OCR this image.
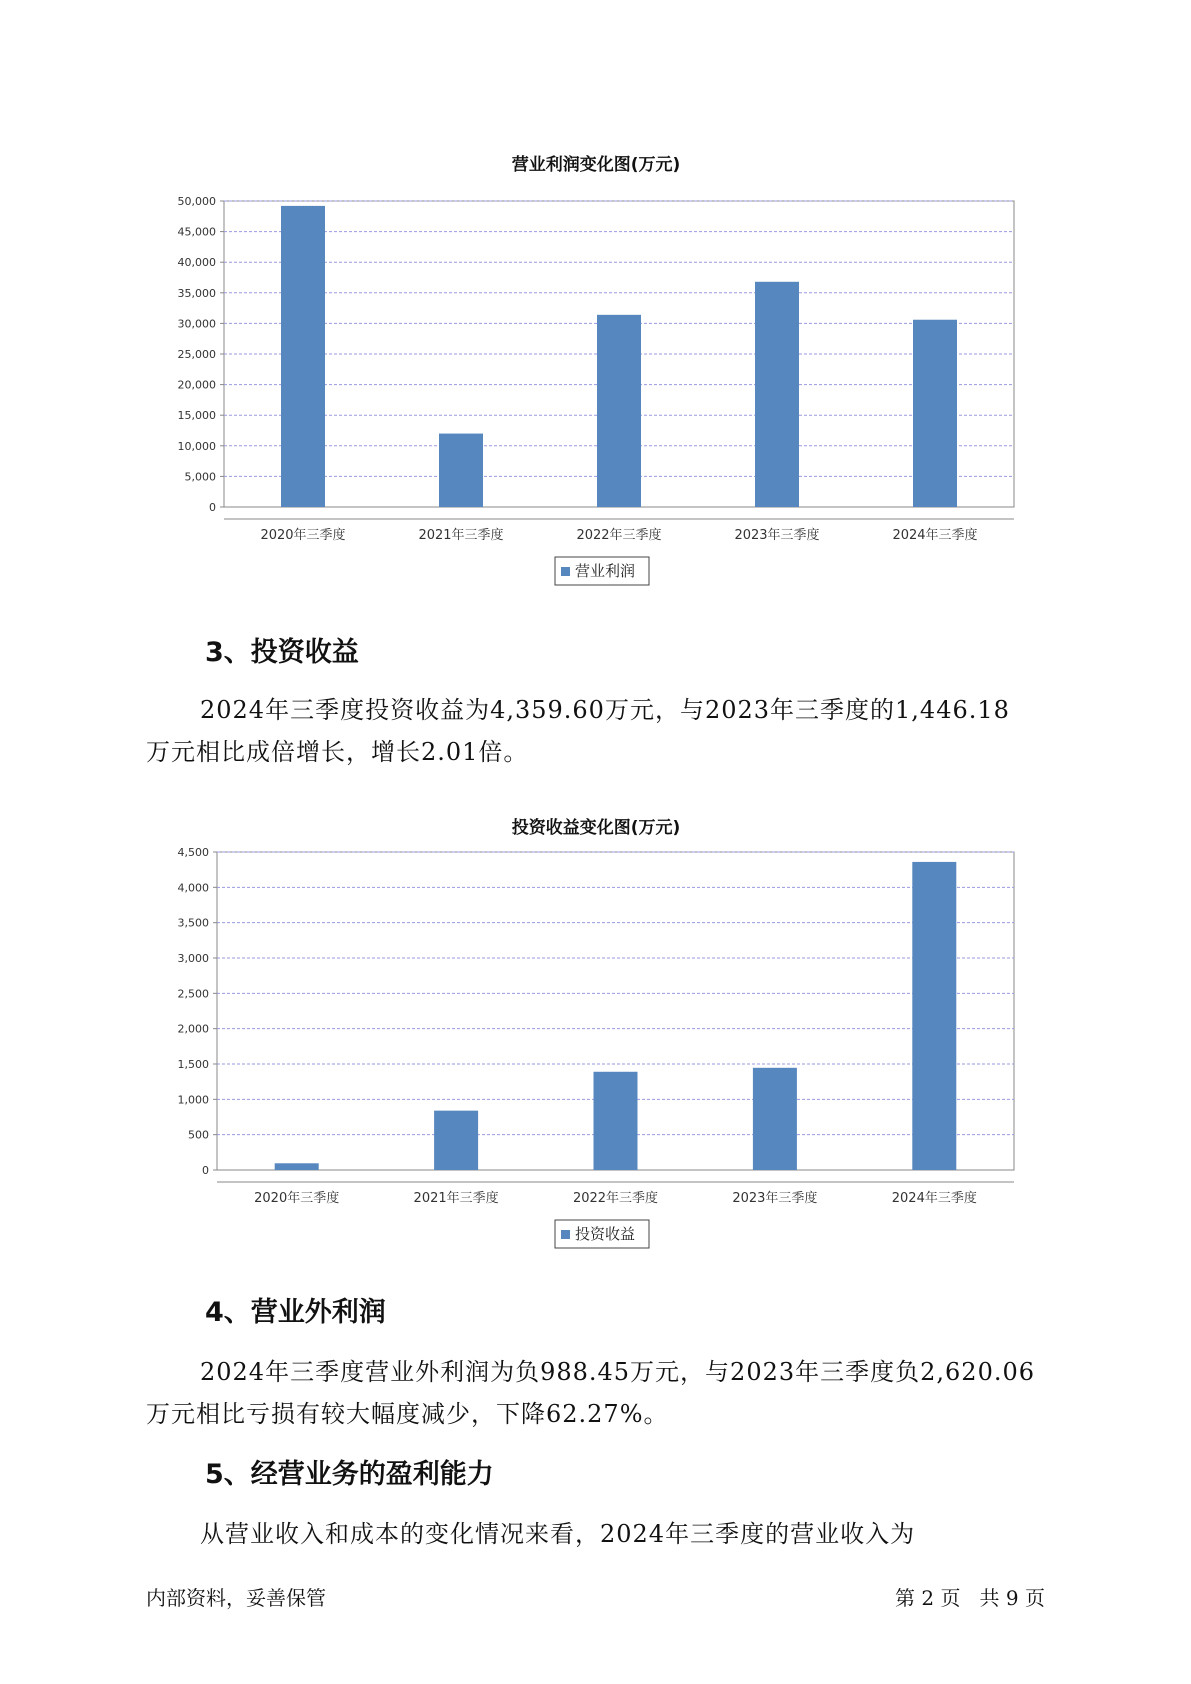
营业利润变化图(万元)
0
5,000
10,000
15,000
20,000
25,000
30,000
35,000
40,000
45,000
50,000
2020年三季度	2021年三季度	2022年三季度	2023年三季度	2024年三季度
营业利润
3、投资收益
2024年三季度投资收益为4,359.60万元，与2023年三季度的1,446.18
万元相比成倍增长，增长2.01倍。
投资收益变化图(万元)
0
500
1,000
1,500
2,000
2,500
3,000
3,500
4,000
4,500
2020年三季度	2021年三季度	2022年三季度	2023年三季度	2024年三季度
投资收益
4、营业外利润
2024年三季度营业外利润为负988.45万元，与2023年三季度负2,620.06
万元相比亏损有较大幅度减少，下降62.27%。
5、经营业务的盈利能力
从营业收入和成本的变化情况来看，2024年三季度的营业收入为
内部资料，妥善保管	第 2 页   共 9 页
